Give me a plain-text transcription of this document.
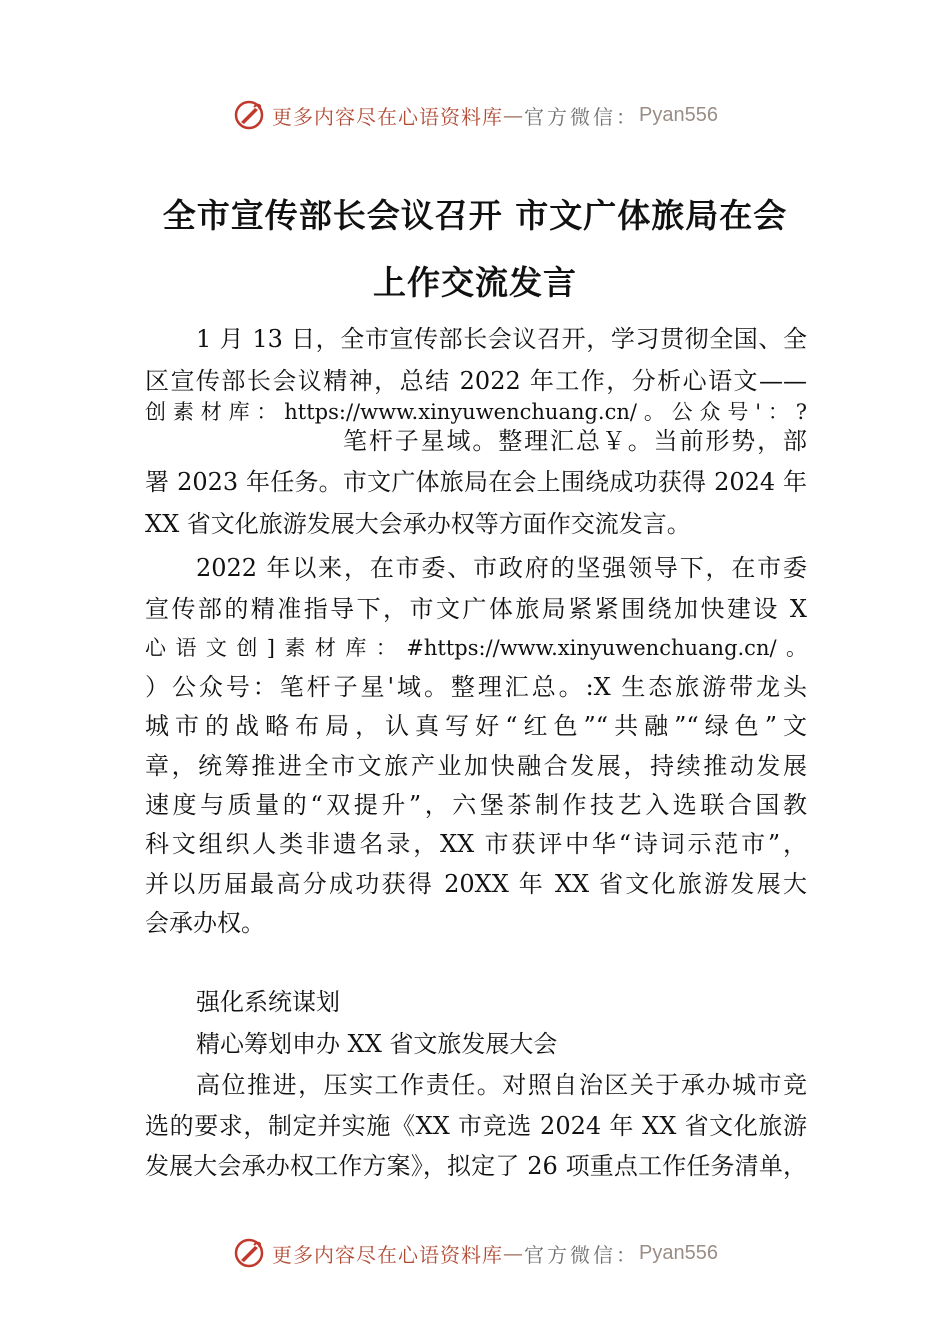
更多内容尽在心语资料库 — 官方微信： Pyan556
全市宣传部长会议召开 市文广体旅局在会
上作交流发言
1 月 13 日，全市宣传部长会议召开，学习贯彻全国、全
区宣传部长会议精神，总结 2022 年工作，分析心语文——
创素材库：https://www.xinyuwenchuang.cn/。公众号'：?
笔杆子星域。整理汇总￥。当前形势，部
署 2023 年任务。市文广体旅局在会上围绕成功获得 2024 年
XX 省文化旅游发展大会承办权等方面作交流发言。
2022 年以来，在市委、市政府的坚强领导下，在市委
宣传部的精准指导下，市文广体旅局紧紧围绕加快建设 X
心语文创]素材库：#https://www.xinyuwenchuang.cn/。
）公众号：笔杆子星'域。整理汇总。:X 生态旅游带龙头
城市的战略布局，认真写好“红色”“共融”“绿色”文
章，统筹推进全市文旅产业加快融合发展，持续推动发展
速度与质量的“双提升”，六堡茶制作技艺入选联合国教
科文组织人类非遗名录，XX 市获评中华“诗词示范市”，
并以历届最高分成功获得 20XX 年 XX 省文化旅游发展大
会承办权。
强化系统谋划
精心筹划申办 XX 省文旅发展大会
高位推进，压实工作责任。对照自治区关于承办城市竞
选的要求，制定并实施《XX 市竞选 2024 年 XX 省文化旅游
发展大会承办权工作方案》，拟定了 26 项重点工作任务清单，
更多内容尽在心语资料库 — 官方微信： Pyan556
